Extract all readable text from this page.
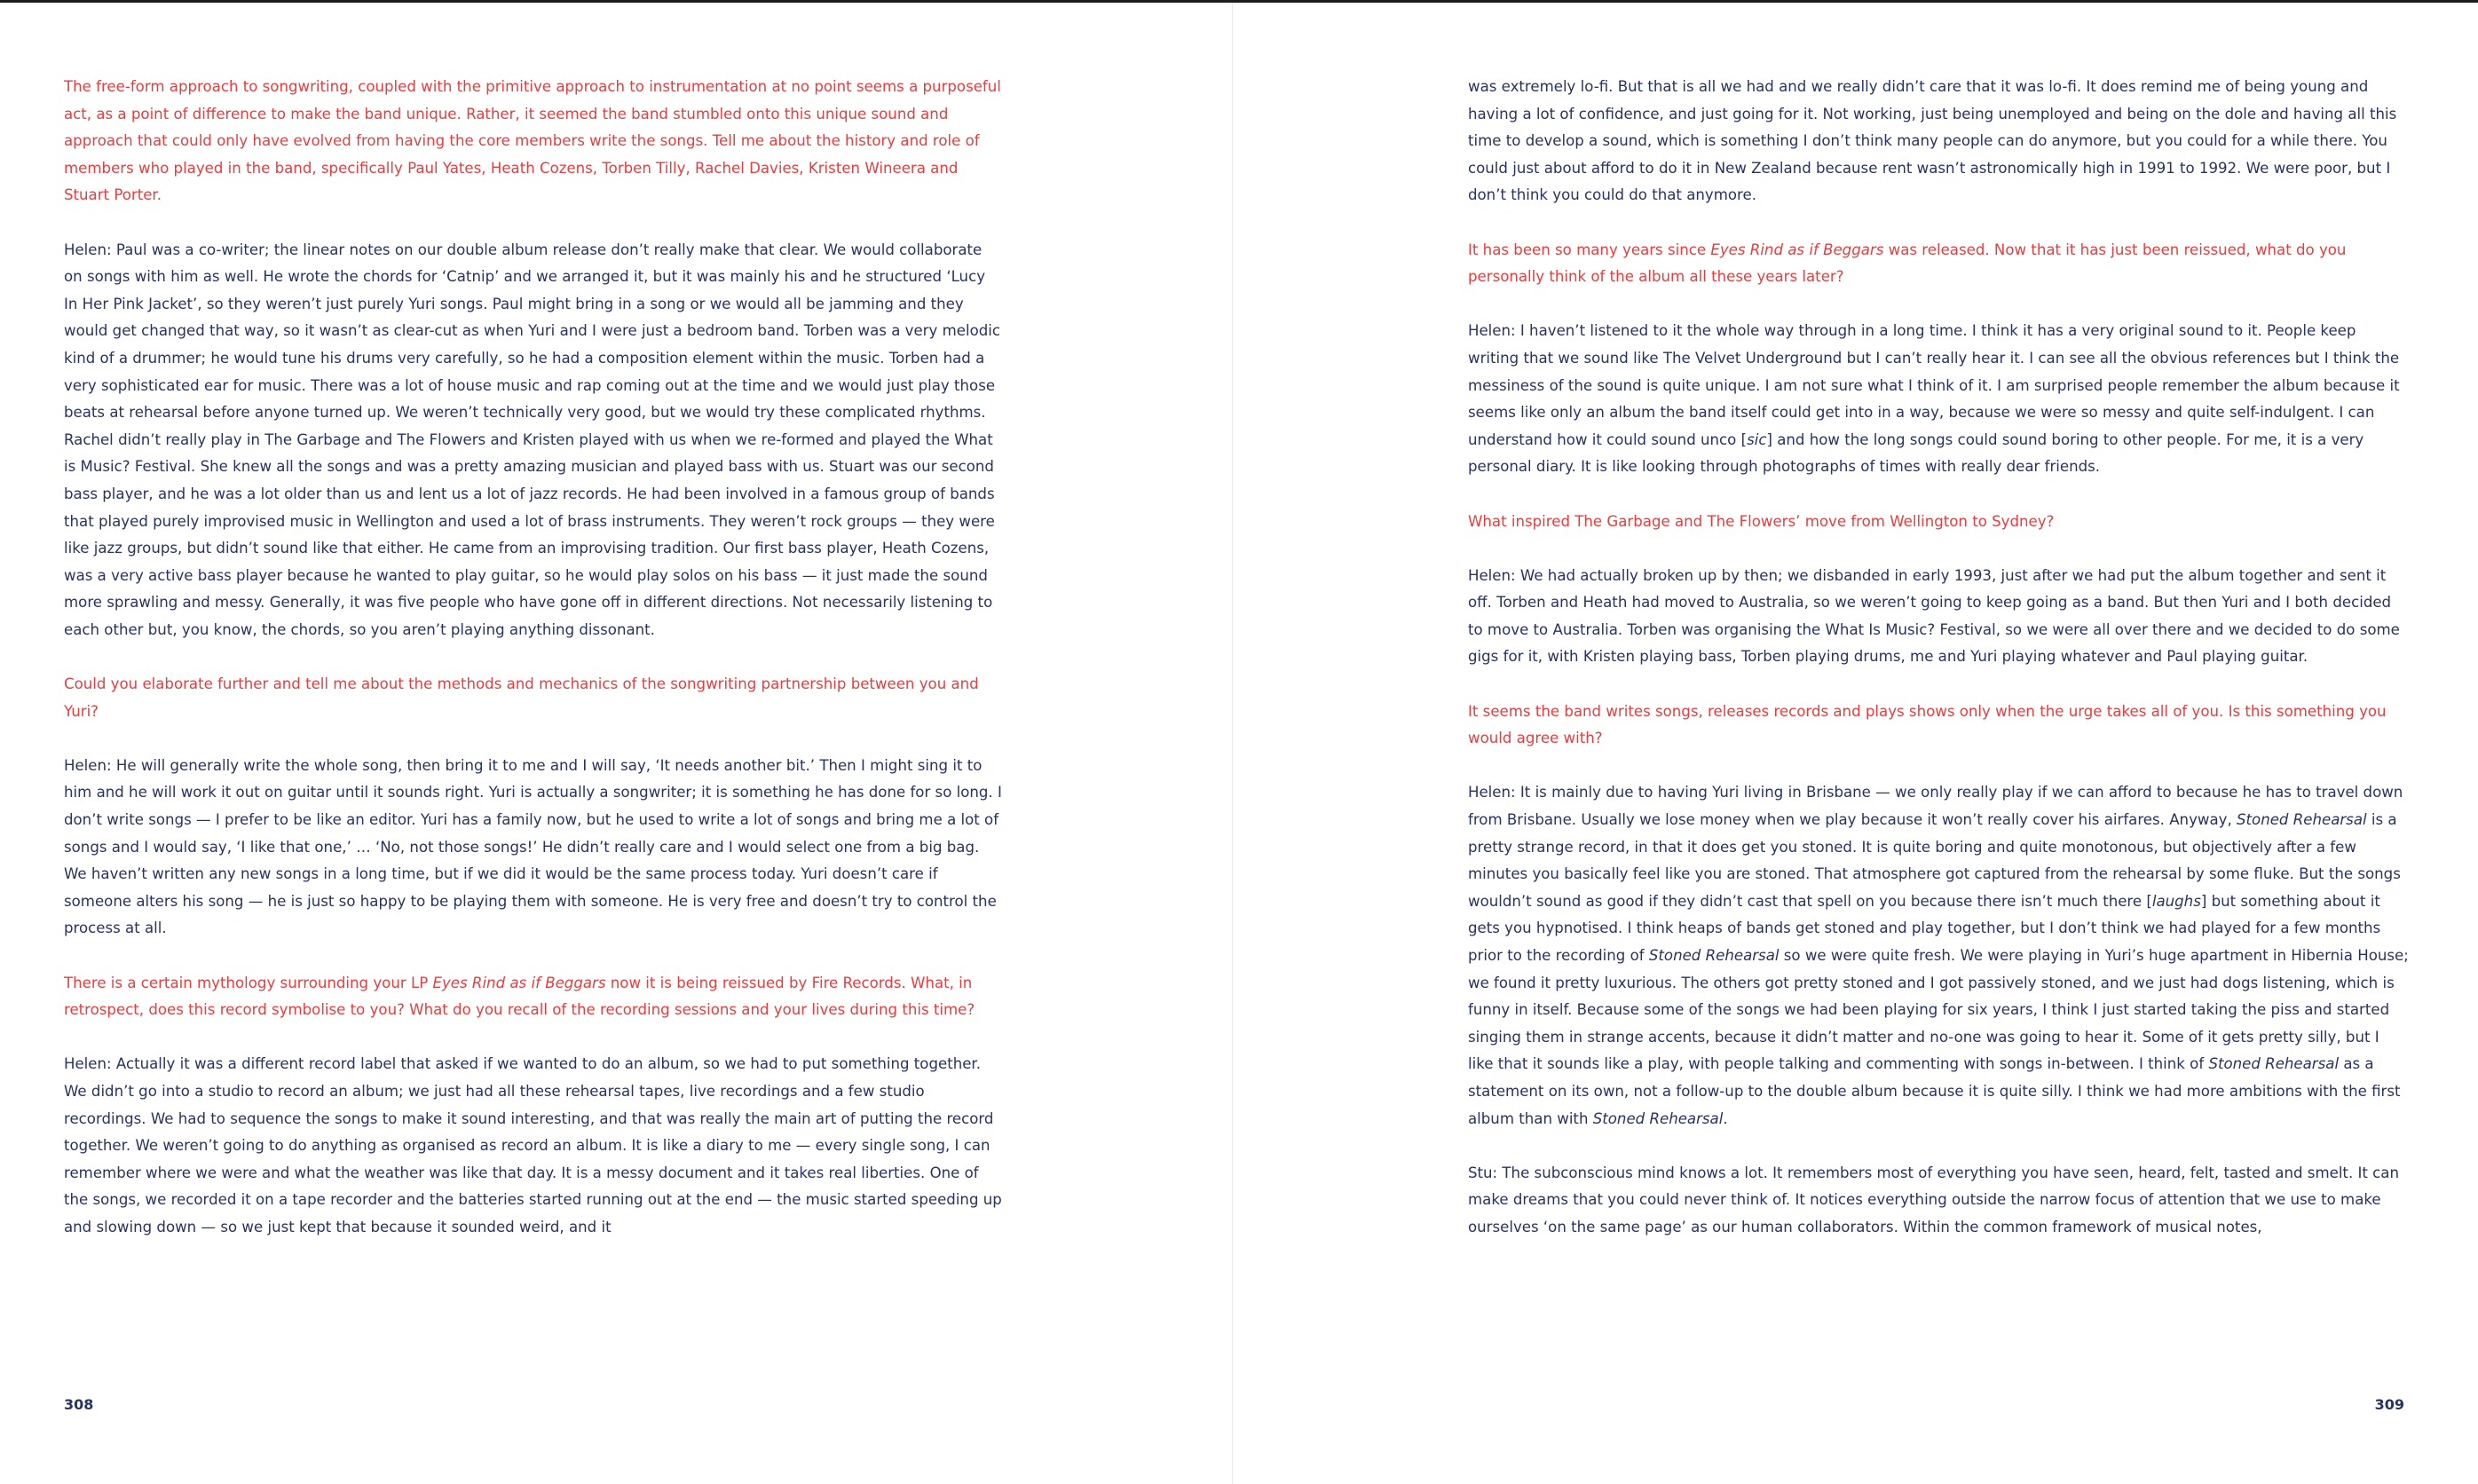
The free-form approach to songwriting, coupled with the primitive approach to instrumentation at no point seems a purposeful act, as a point of difference to make the band unique. Rather, it seemed the band stumbled onto this unique sound and approach that could only have evolved from having the core members write the songs. Tell me about the history and role of members who played in the band, specifically Paul Yates, Heath Cozens, Torben Tilly, Rachel Davies, Kristen Wineera and Stuart Porter.

Helen: Paul was a co-writer; the linear notes on our double album release don’t really make that clear. We would collaborate on songs with him as well. He wrote the chords for ‘Catnip’ and we arranged it, but it was mainly his and he structured ‘Lucy In Her Pink Jacket’, so they weren’t just purely Yuri songs. Paul might bring in a song or we would all be jamming and they would get changed that way, so it wasn’t as clear-cut as when Yuri and I were just a bedroom band. Torben was a very melodic kind of a drummer; he would tune his drums very carefully, so he had a composition element within the music. Torben had a very sophisticated ear for music. There was a lot of house music and rap coming out at the time and we would just play those beats at rehearsal before anyone turned up. We weren’t technically very good, but we would try these complicated rhythms. Rachel didn’t really play in The Garbage and The Flowers and Kristen played with us when we re-formed and played the What is Music? Festival. She knew all the songs and was a pretty amazing musician and played bass with us. Stuart was our second bass player, and he was a lot older than us and lent us a lot of jazz records. He had been involved in a famous group of bands that played purely improvised music in Wellington and used a lot of brass instruments. They weren’t rock groups — they were like jazz groups, but didn’t sound like that either. He came from an improvising tradition. Our first bass player, Heath Cozens, was a very active bass player because he wanted to play guitar, so he would play solos on his bass — it just made the sound more sprawling and messy. Generally, it was five people who have gone off in different directions. Not necessarily listening to each other but, you know, the chords, so you aren’t playing anything dissonant.

Could you elaborate further and tell me about the methods and mechanics of the songwriting partnership between you and Yuri?

Helen: He will generally write the whole song, then bring it to me and I will say, ‘It needs another bit.’ Then I might sing it to him and he will work it out on guitar until it sounds right. Yuri is actually a songwriter; it is something he has done for so long. I don’t write songs — I prefer to be like an editor. Yuri has a family now, but he used to write a lot of songs and bring me a lot of songs and I would say, ‘I like that one,’ … ‘No, not those songs!’ He didn’t really care and I would select one from a big bag. We haven’t written any new songs in a long time, but if we did it would be the same process today. Yuri doesn’t care if someone alters his song — he is just so happy to be playing them with someone. He is very free and doesn’t try to control the process at all.

There is a certain mythology surrounding your LP Eyes Rind as if Beggars now it is being reissued by Fire Records. What, in retrospect, does this record symbolise to you? What do you recall of the recording sessions and your lives during this time?

Helen: Actually it was a different record label that asked if we wanted to do an album, so we had to put something together. We didn’t go into a studio to record an album; we just had all these rehearsal tapes, live recordings and a few studio recordings. We had to sequence the songs to make it sound interesting, and that was really the main art of putting the record together. We weren’t going to do anything as organised as record an album. It is like a diary to me — every single song, I can remember where we were and what the weather was like that day. It is a messy document and it takes real liberties. One of the songs, we recorded it on a tape recorder and the batteries started running out at the end — the music started speeding up and slowing down — so we just kept that because it sounded weird, and it

308

was extremely lo-fi. But that is all we had and we really didn’t care that it was lo-fi. It does remind me of being young and having a lot of confidence, and just going for it. Not working, just being unemployed and being on the dole and having all this time to develop a sound, which is something I don’t think many people can do anymore, but you could for a while there. You could just about afford to do it in New Zealand because rent wasn’t astronomically high in 1991 to 1992. We were poor, but I don’t think you could do that anymore.

It has been so many years since Eyes Rind as if Beggars was released. Now that it has just been reissued, what do you personally think of the album all these years later?

Helen: I haven’t listened to it the whole way through in a long time. I think it has a very original sound to it. People keep writing that we sound like The Velvet Underground but I can’t really hear it. I can see all the obvious references but I think the messiness of the sound is quite unique. I am not sure what I think of it. I am surprised people remember the album because it seems like only an album the band itself could get into in a way, because we were so messy and quite self-indulgent. I can understand how it could sound unco [sic] and how the long songs could sound boring to other people. For me, it is a very personal diary. It is like looking through photographs of times with really dear friends.

What inspired The Garbage and The Flowers’ move from Wellington to Sydney?

Helen: We had actually broken up by then; we disbanded in early 1993, just after we had put the album together and sent it off. Torben and Heath had moved to Australia, so we weren’t going to keep going as a band. But then Yuri and I both decided to move to Australia. Torben was organising the What Is Music? Festival, so we were all over there and we decided to do some gigs for it, with Kristen playing bass, Torben playing drums, me and Yuri playing whatever and Paul playing guitar.

It seems the band writes songs, releases records and plays shows only when the urge takes all of you. Is this something you would agree with?

Helen: It is mainly due to having Yuri living in Brisbane — we only really play if we can afford to because he has to travel down from Brisbane. Usually we lose money when we play because it won’t really cover his airfares. Anyway, Stoned Rehearsal is a pretty strange record, in that it does get you stoned. It is quite boring and quite monotonous, but objectively after a few minutes you basically feel like you are stoned. That atmosphere got captured from the rehearsal by some fluke. But the songs wouldn’t sound as good if they didn’t cast that spell on you because there isn’t much there [laughs] but something about it gets you hypnotised. I think heaps of bands get stoned and play together, but I don’t think we had played for a few months prior to the recording of Stoned Rehearsal so we were quite fresh. We were playing in Yuri’s huge apartment in Hibernia House; we found it pretty luxurious. The others got pretty stoned and I got passively stoned, and we just had dogs listening, which is funny in itself. Because some of the songs we had been playing for six years, I think I just started taking the piss and started singing them in strange accents, because it didn’t matter and no-one was going to hear it. Some of it gets pretty silly, but I like that it sounds like a play, with people talking and commenting with songs in-between. I think of Stoned Rehearsal as a statement on its own, not a follow-up to the double album because it is quite silly. I think we had more ambitions with the first album than with Stoned Rehearsal.

Stu: The subconscious mind knows a lot. It remembers most of everything you have seen, heard, felt, tasted and smelt. It can make dreams that you could never think of. It notices everything outside the narrow focus of attention that we use to make ourselves ‘on the same page’ as our human collaborators. Within the common framework of musical notes,

309
